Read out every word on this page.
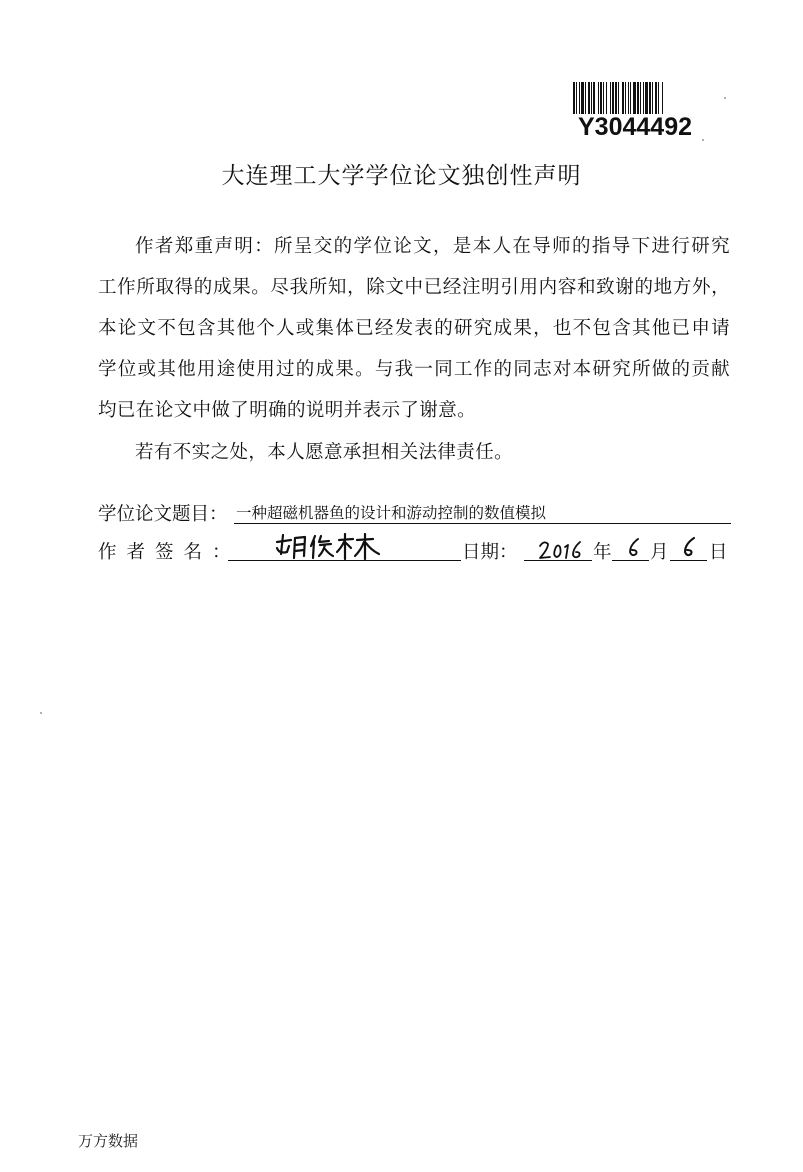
Y3044492
大连理工大学学位论文独创性声明
作者郑重声明：所呈交的学位论文，是本人在导师的指导下进行研究
工作所取得的成果。尽我所知，除文中已经注明引用内容和致谢的地方外，
本论文不包含其他个人或集体已经发表的研究成果，也不包含其他已申请
学位或其他用途使用过的成果。与我一同工作的同志对本研究所做的贡献
均已在论文中做了明确的说明并表示了谢意。
若有不实之处，本人愿意承担相关法律责任。
学位论文题目： 一种超磁机器鱼的设计和游动控制的数值模拟
作者签名：	日期：	年 月 日
万方数据
